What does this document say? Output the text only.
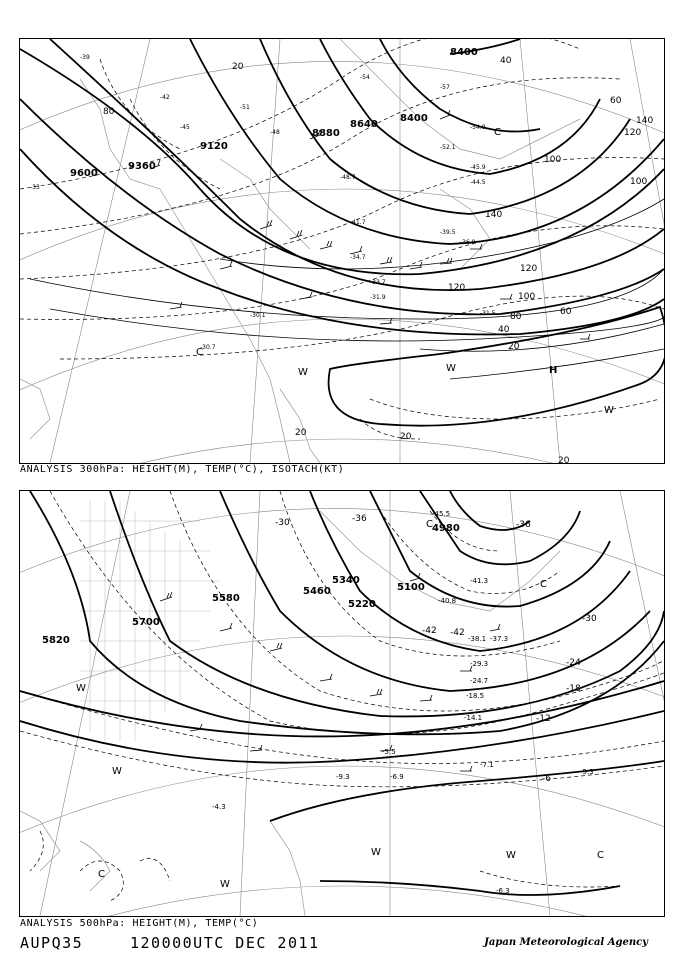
8400
9600
9360
9120
8880
8640
8400
20
40
60
80
100
120
140
100
120
140
120
100
80	60
40
20
20	20
20
-39
-42
-45
-48
-51
-54
-57
-54.9
-52.1
-48.7
-45.9
-44.5
-41.7
-39.5
-36.9
-34.7
-33.7
-31.9
-30.1	-31.5
-30.7
-33
W	W
W
C
C
H
ANALYSIS 300hPa: HEIGHT(M), TEMP(°C), ISOTACH(KT)
5820
5700
5580
5460
5340
5220
5100
4980
-30	-36
-42
-42
-36
-30
-24
-18
-12
-6
-45.5
-41.3
-40.8
-38.1 -37.3
-29.3
-24.7
-18.5
-14.1
-7.1
-5.3
-5.5
-6.9
-9.3
-4.3
-6.3
W
W
W
W	W	C
C
C
C
ANALYSIS 500hPa: HEIGHT(M), TEMP(°C)
AUPQ35	120000UTC DEC 2011	Japan Meteorological Agency
